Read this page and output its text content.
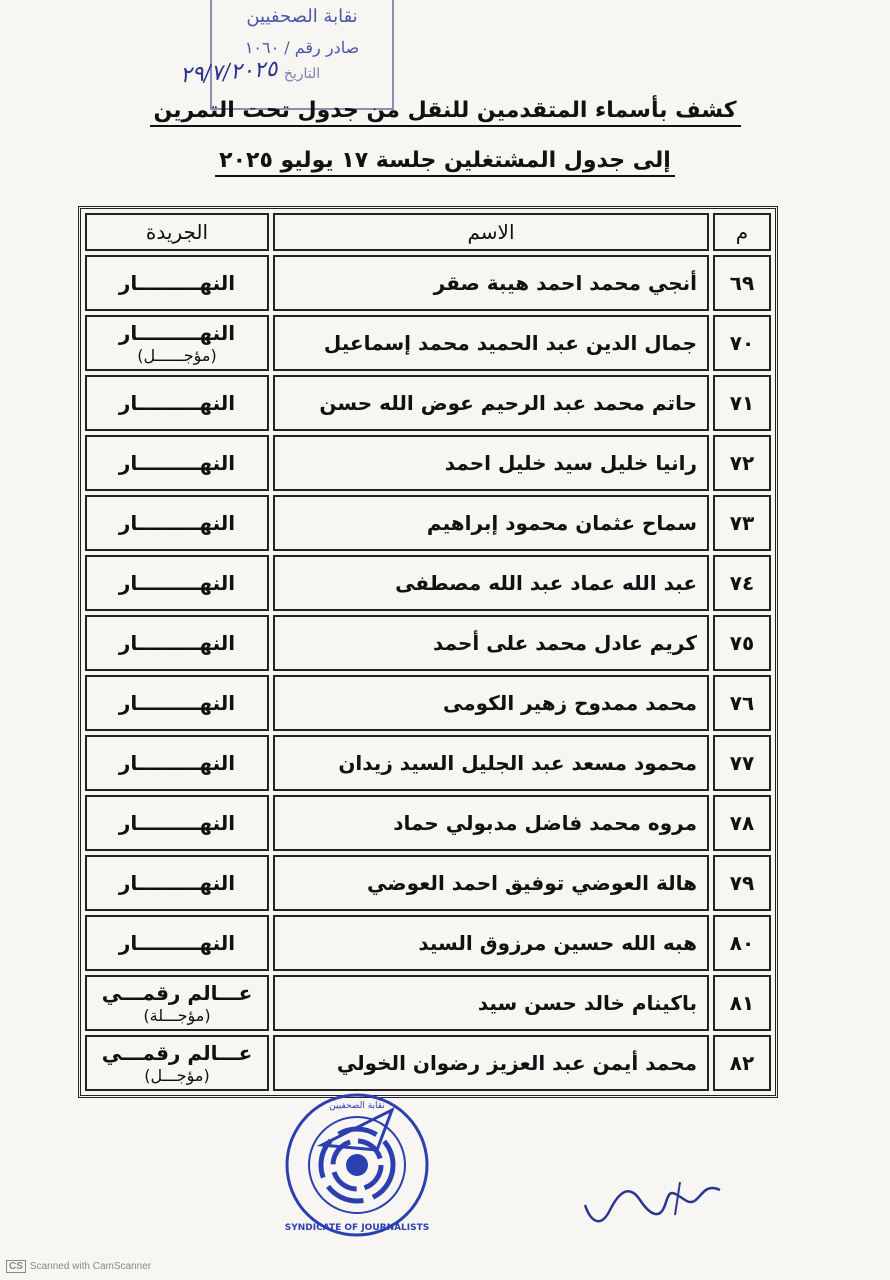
نقابة الصحفيين
صادر رقم / ١٠٦٠
التاريخ
٢٩/٧/٢٠٢٥
كشف بأسماء المتقدمين للنقل من جدول تحت التمرين
إلى جدول المشتغلين جلسة ١٧ يوليو ٢٠٢٥
م	الاسم	الجريدة
٦٩	أنجي محمد احمد هيبة صقر	النهـــــــــار
٧٠	جمال الدين عبد الحميد محمد إسماعيل	النهـــــــــار
(مؤجــــــل)

٧١	حاتم محمد عبد الرحيم عوض الله حسن	النهـــــــــار
٧٢	رانيا خليل سيد خليل احمد	النهـــــــــار
٧٣	سماح عثمان محمود إبراهيم	النهـــــــــار
٧٤	عبد الله عماد عبد الله مصطفى	النهـــــــــار
٧٥	كريم عادل محمد على أحمد	النهـــــــــار
٧٦	محمد ممدوح زهير الكومى	النهـــــــــار
٧٧	محمود مسعد عبد الجليل السيد زيدان	النهـــــــــار
٧٨	مروه محمد فاضل مدبولي حماد	النهـــــــــار
٧٩	هالة العوضي توفيق احمد العوضي	النهـــــــــار
٨٠	هبه الله حسين مرزوق السيد	النهـــــــــار
٨١	باكينام خالد حسن سيد	عـــالم رقمـــي
(مؤجـــلة)

٨٢	محمد أيمن عبد العزيز رضوان الخولي	عـــالم رقمـــي
(مؤجـــل)
SYNDICATE OF JOURNALISTS
نقابة الصحفيين
CS Scanned with CamScanner
